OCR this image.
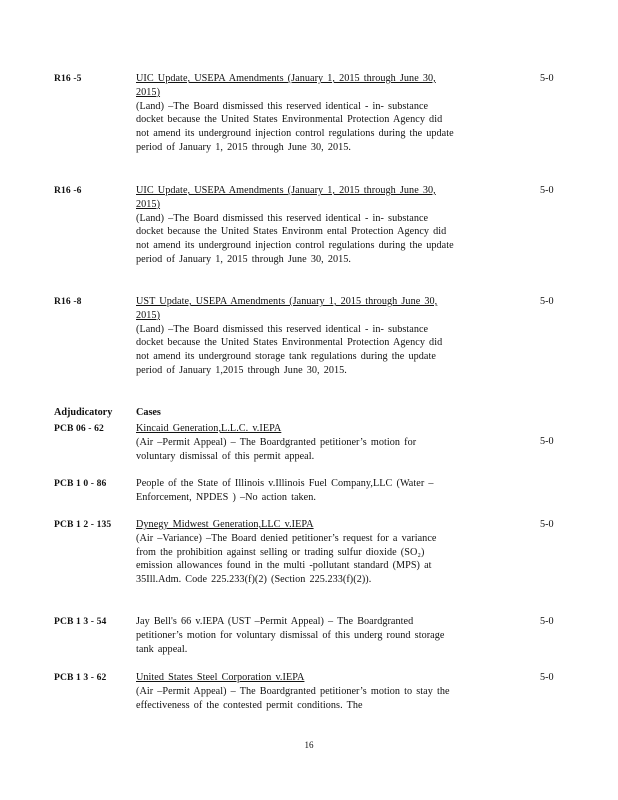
R16 -5	UIC Update, USEPA Amendments (January 1, 2015 through June 30, 2015)
(Land) –The Board dismissed this reserved identical - in- substance docket because the United States Environmental Protection Agency did not amend its underground injection control regulations during the update period of January 1, 2015 through June 30, 2015.
5-0
R16 -6	UIC Update, USEPA Amendments (January 1, 2015 through June 30, 2015)
(Land) –The Board dismissed this reserved identical - in- substance docket because the United States Environm ental Protection Agency did not amend its underground injection control regulations during the update period of January 1, 2015 through June 30, 2015.
5-0
R16 -8	UST Update, USEPA Amendments (January 1, 2015 through June 30, 2015)
(Land) –The Board dismissed this reserved identical - in- substance docket because the United States Environmental Protection Agency did not amend its underground storage tank regulations during the update period of January 1,2015 through June 30, 2015.
5-0
Adjudicatory Cases
PCB 06 - 62	Kincaid Generation,L.L.C. v.IEPA
(Air –Permit Appeal) – The Boardgranted petitioner’s motion for voluntary dismissal of this permit appeal.
5-0
PCB 1 0 - 86	People of the State of Illinois v.Illinois Fuel Company,LLC (Water –Enforcement, NPDES ) –No action taken.
PCB 1 2 - 135 Dynegy Midwest Generation,LLC v.IEPA
(Air –Variance) –The Board denied petitioner’s request for a variance from the prohibition against selling or trading sulfur dioxide (SO₂) emission allowances found in the multi -pollutant standard (MPS) at 35Ill.Adm. Code 225.233(f)(2) (Section 225.233(f)(2)).
5-0
PCB 1 3 - 54	Jay Bell's 66 v.IEPA (UST –Permit Appeal) – The Boardgranted petitioner’s motion for voluntary dismissal of this underg round storage tank appeal.
5-0
PCB 1 3 - 62	United States Steel Corporation v.IEPA
(Air –Permit Appeal) – The Boardgranted petitioner’s motion to stay the effectiveness of the contested permit conditions. The
5-0
16
